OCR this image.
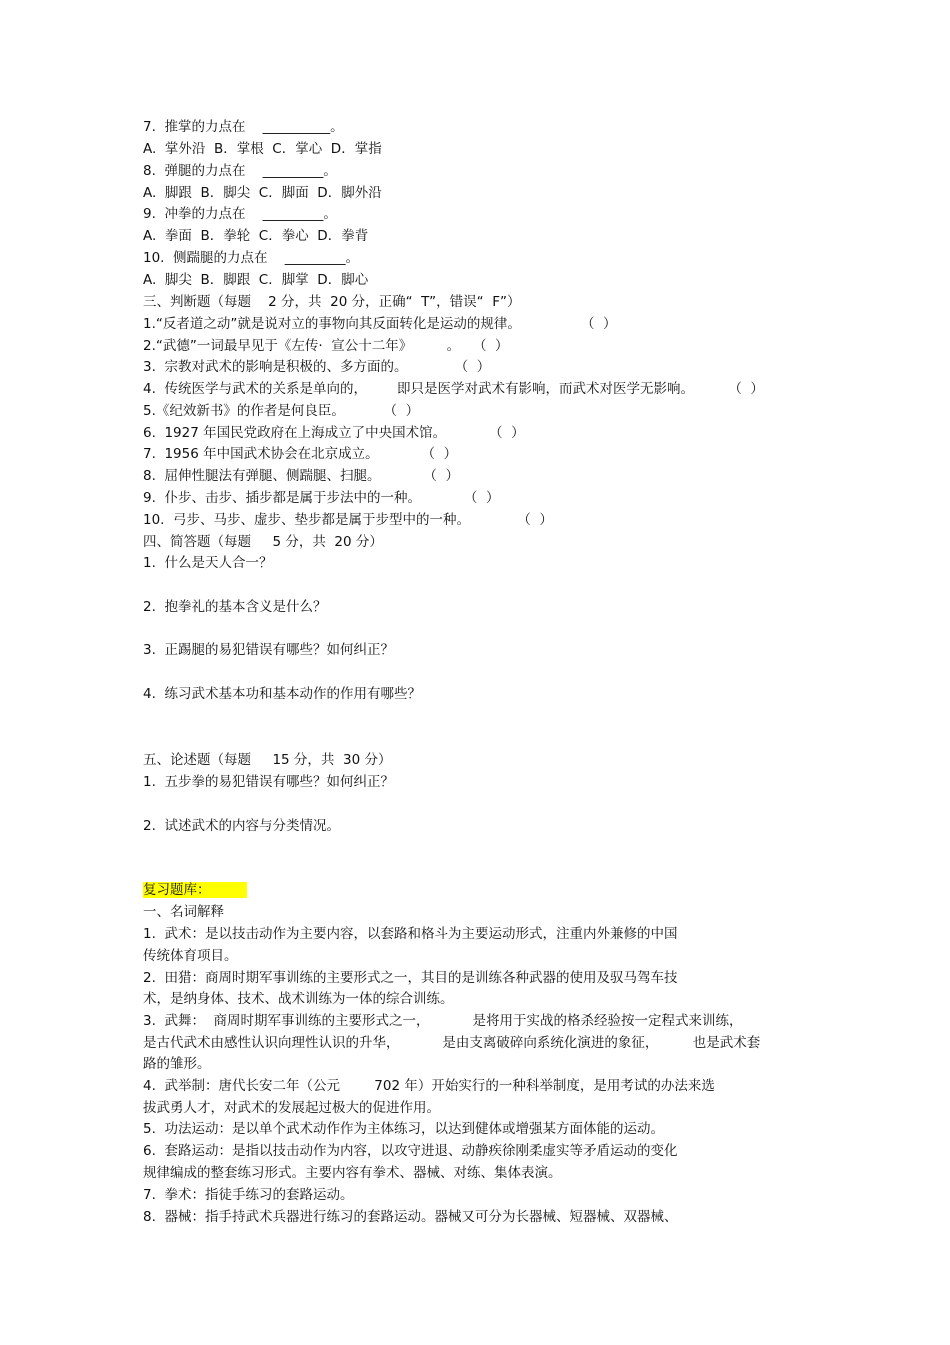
7.  推掌的力点在    __________。
A.  掌外沿  B．掌根  C．掌心  D．掌指
8.  弹腿的力点在    _________。
A.  脚跟  B．脚尖  C．脚面  D．脚外沿
9.  冲拳的力点在    _________。
A.  拳面  B．拳轮  C．拳心  D．拳背
10.  侧踹腿的力点在    _________。
A.  脚尖  B．脚跟  C．脚掌  D．脚心
三、判断题（每题    2 分，共  20 分，正确“  T”，错误“  F”）
1.“反者道之动”就是说对立的事物向其反面转化是运动的规律。              （  ）
2.“武德”一词最早见于《左传·  宣公十二年》        。   （  ）
3.  宗教对武术的影响是积极的、多方面的。           （  ）
4.  传统医学与武术的关系是单向的，       即只是医学对武术有影响，而武术对医学无影响。        （  ）
5.《纪效新书》的作者是何良臣。         （  ）
6.  1927 年国民党政府在上海成立了中央国术馆。          （  ）
7.  1956 年中国武术协会在北京成立。          （  ）
8.  屈伸性腿法有弹腿、侧踹腿、扫腿。          （  ）
9.  仆步、击步、插步都是属于步法中的一种。          （  ）
10.  弓步、马步、虚步、垫步都是属于步型中的一种。           （  ）
四、简答题（每题     5 分，共  20 分）
1.  什么是天人合一？
2.  抱拳礼的基本含义是什么？
3.  正踢腿的易犯错误有哪些？如何纠正？
4.  练习武术基本功和基本动作的作用有哪些？
五、论述题（每题     15 分，共  30 分）
1.  五步拳的易犯错误有哪些？如何纠正？
2.  试述武术的内容与分类情况。
复习题库：
一、名词解释
1.  武术：是以技击动作为主要内容，以套路和格斗为主要运动形式，注重内外兼修的中国
传统体育项目。
2.  田猎：商周时期军事训练的主要形式之一，其目的是训练各种武器的使用及驭马驾车技
术，是纳身体、技术、战术训练为一体的综合训练。
3.  武舞：  商周时期军事训练的主要形式之一，          是将用于实战的格杀经验按一定程式来训练，
是古代武术由感性认识向理性认识的升华，          是由支离破碎向系统化演进的象征，        也是武术套
路的雏形。
4.  武举制：唐代长安二年（公元        702 年）开始实行的一种科举制度，是用考试的办法来选
拔武勇人才，对武术的发展起过极大的促进作用。
5.  功法运动：是以单个武术动作作为主体练习，以达到健体或增强某方面体能的运动。
6.  套路运动：是指以技击动作为内容，以攻守进退、动静疾徐刚柔虚实等矛盾运动的变化
规律编成的整套练习形式。主要内容有拳术、器械、对练、集体表演。
7.  拳术：指徒手练习的套路运动。
8.  器械：指手持武术兵器进行练习的套路运动。器械又可分为长器械、短器械、双器械、
